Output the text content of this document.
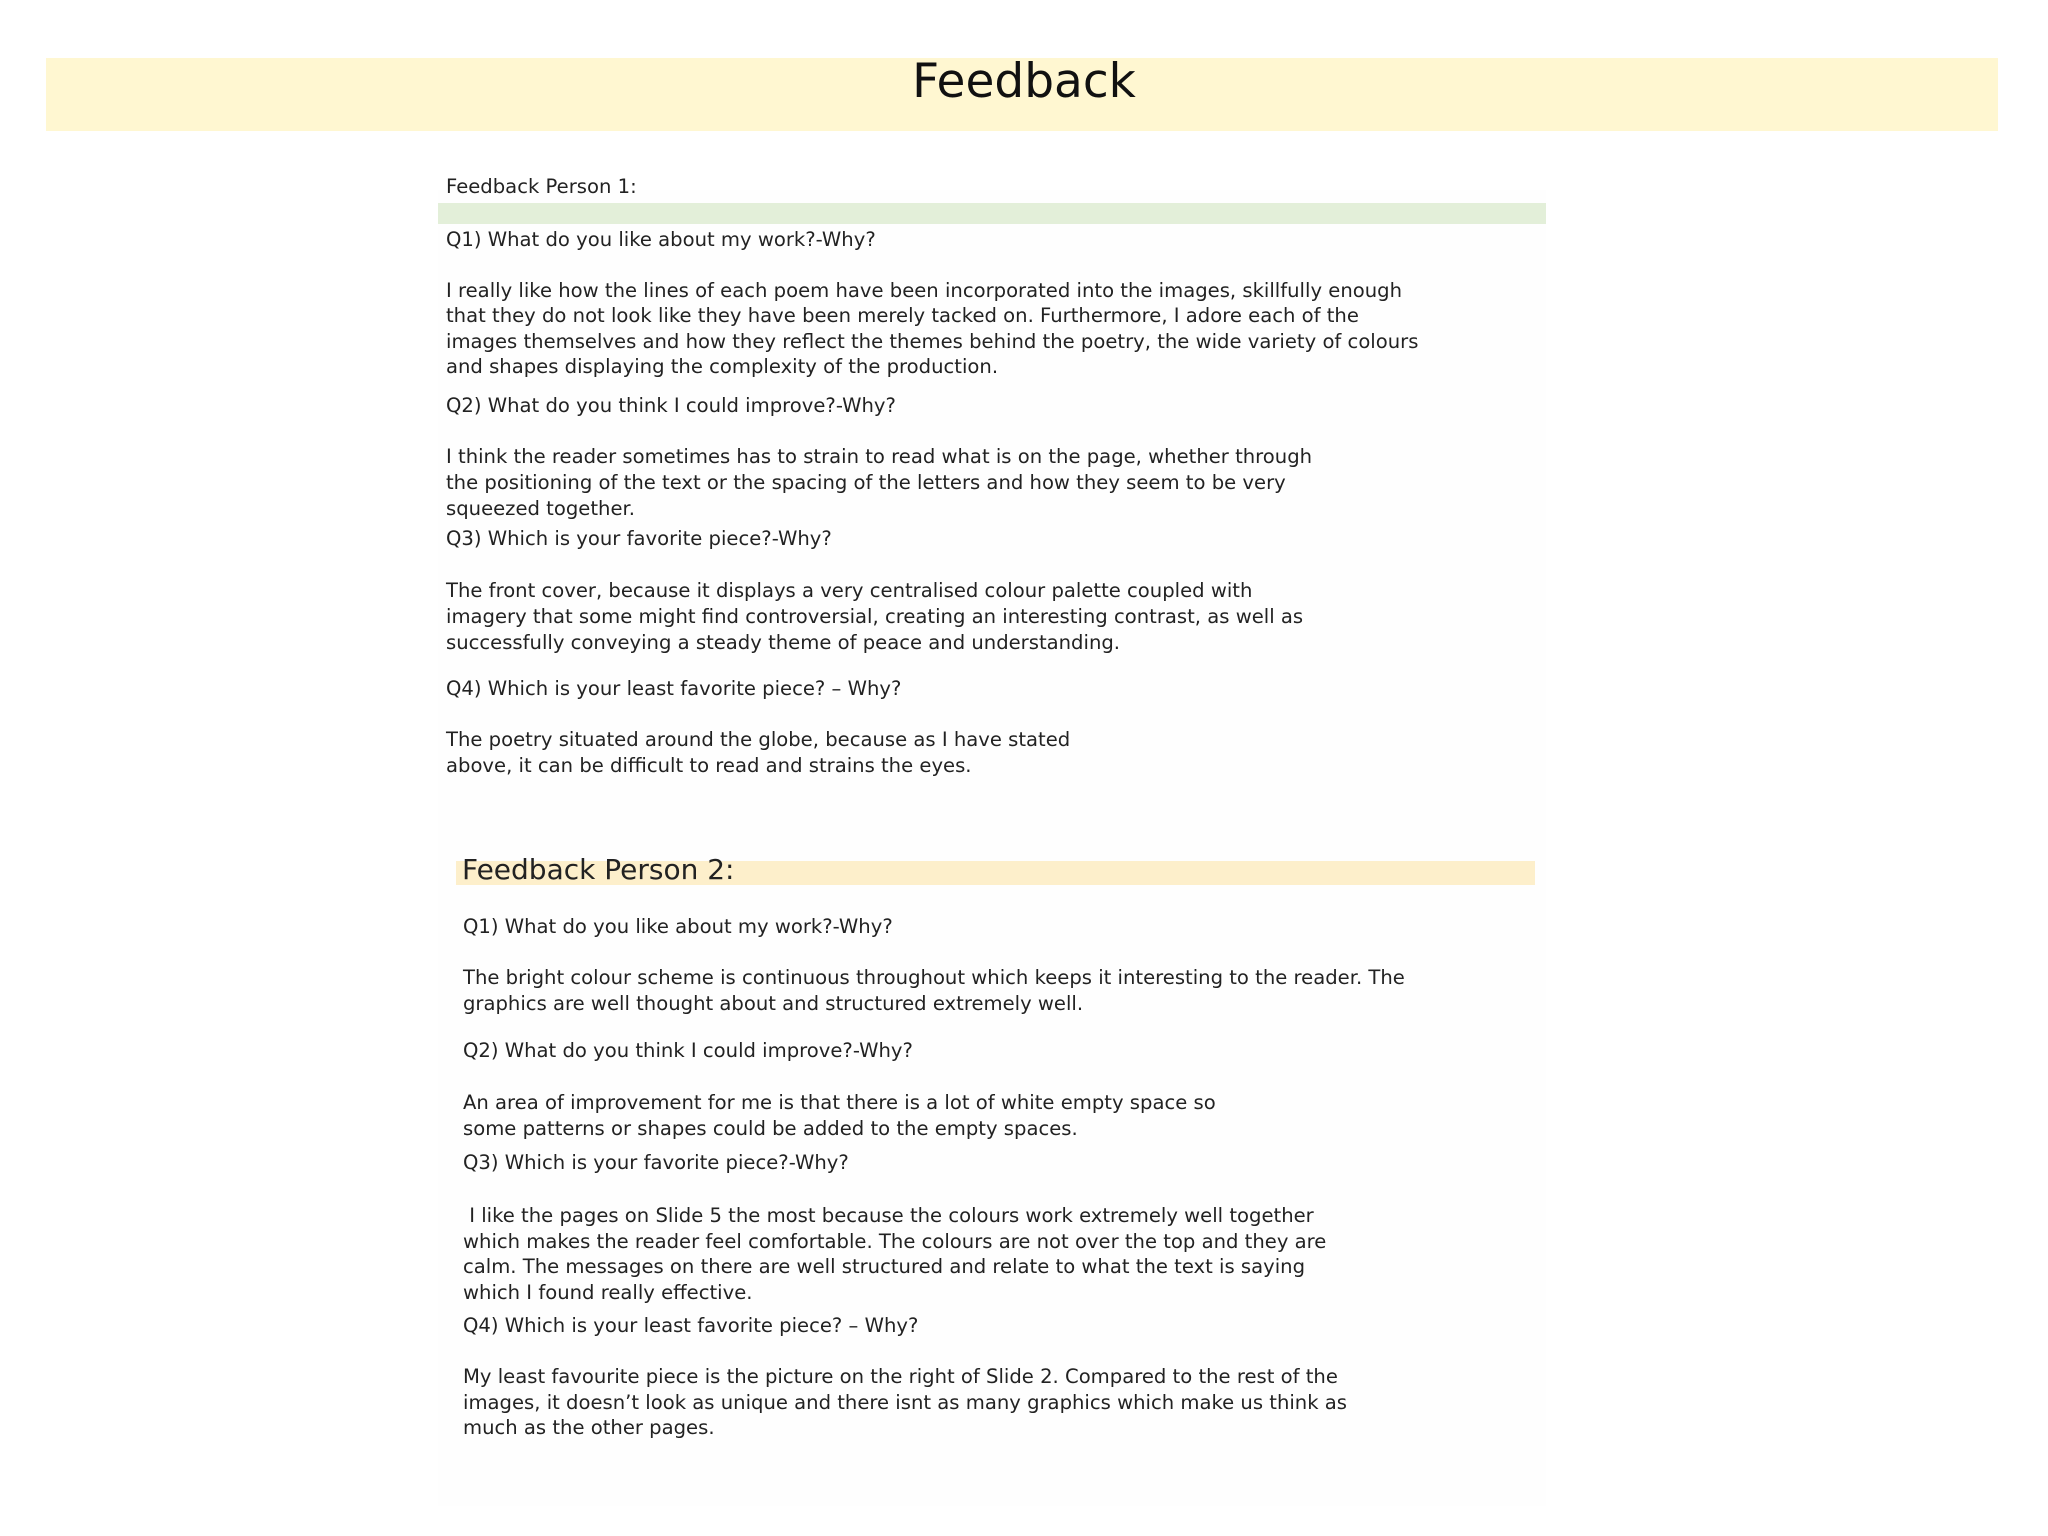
Feedback

Feedback Person 1:

Q1) What do you like about my work?-Why?

I really like how the lines of each poem have been incorporated into the images, skillfully enough

that they do not look like they have been merely tacked on. Furthermore, I adore each of the

images themselves and how they reflect the themes behind the poetry, the wide variety of colours

and shapes displaying the complexity of the production.

Q2) What do you think I could improve?-Why?

I think the reader sometimes has to strain to read what is on the page, whether through

the positioning of the text or the spacing of the letters and how they seem to be very

squeezed together.

Q3) Which is your favorite piece?-Why?

The front cover, because it displays a very centralised colour palette coupled with

imagery that some might find controversial, creating an interesting contrast, as well as

successfully conveying a steady theme of peace and understanding.

Q4) Which is your least favorite piece? – Why?

The poetry situated around the globe, because as I have stated

above, it can be difficult to read and strains the eyes.

Feedback Person 2:

Q1) What do you like about my work?-Why?

The bright colour scheme is continuous throughout which keeps it interesting to the reader. The

graphics are well thought about and structured extremely well.

Q2) What do you think I could improve?-Why?

An area of improvement for me is that there is a lot of white empty space so

some patterns or shapes could be added to the empty spaces.

Q3) Which is your favorite piece?-Why?

I like the pages on Slide 5 the most because the colours work extremely well together

which makes the reader feel comfortable. The colours are not over the top and they are

calm. The messages on there are well structured and relate to what the text is saying

which I found really effective.

Q4) Which is your least favorite piece? – Why?

My least favourite piece is the picture on the right of Slide 2. Compared to the rest of the

images, it doesn’t look as unique and there isnt as many graphics which make us think as

much as the other pages.
